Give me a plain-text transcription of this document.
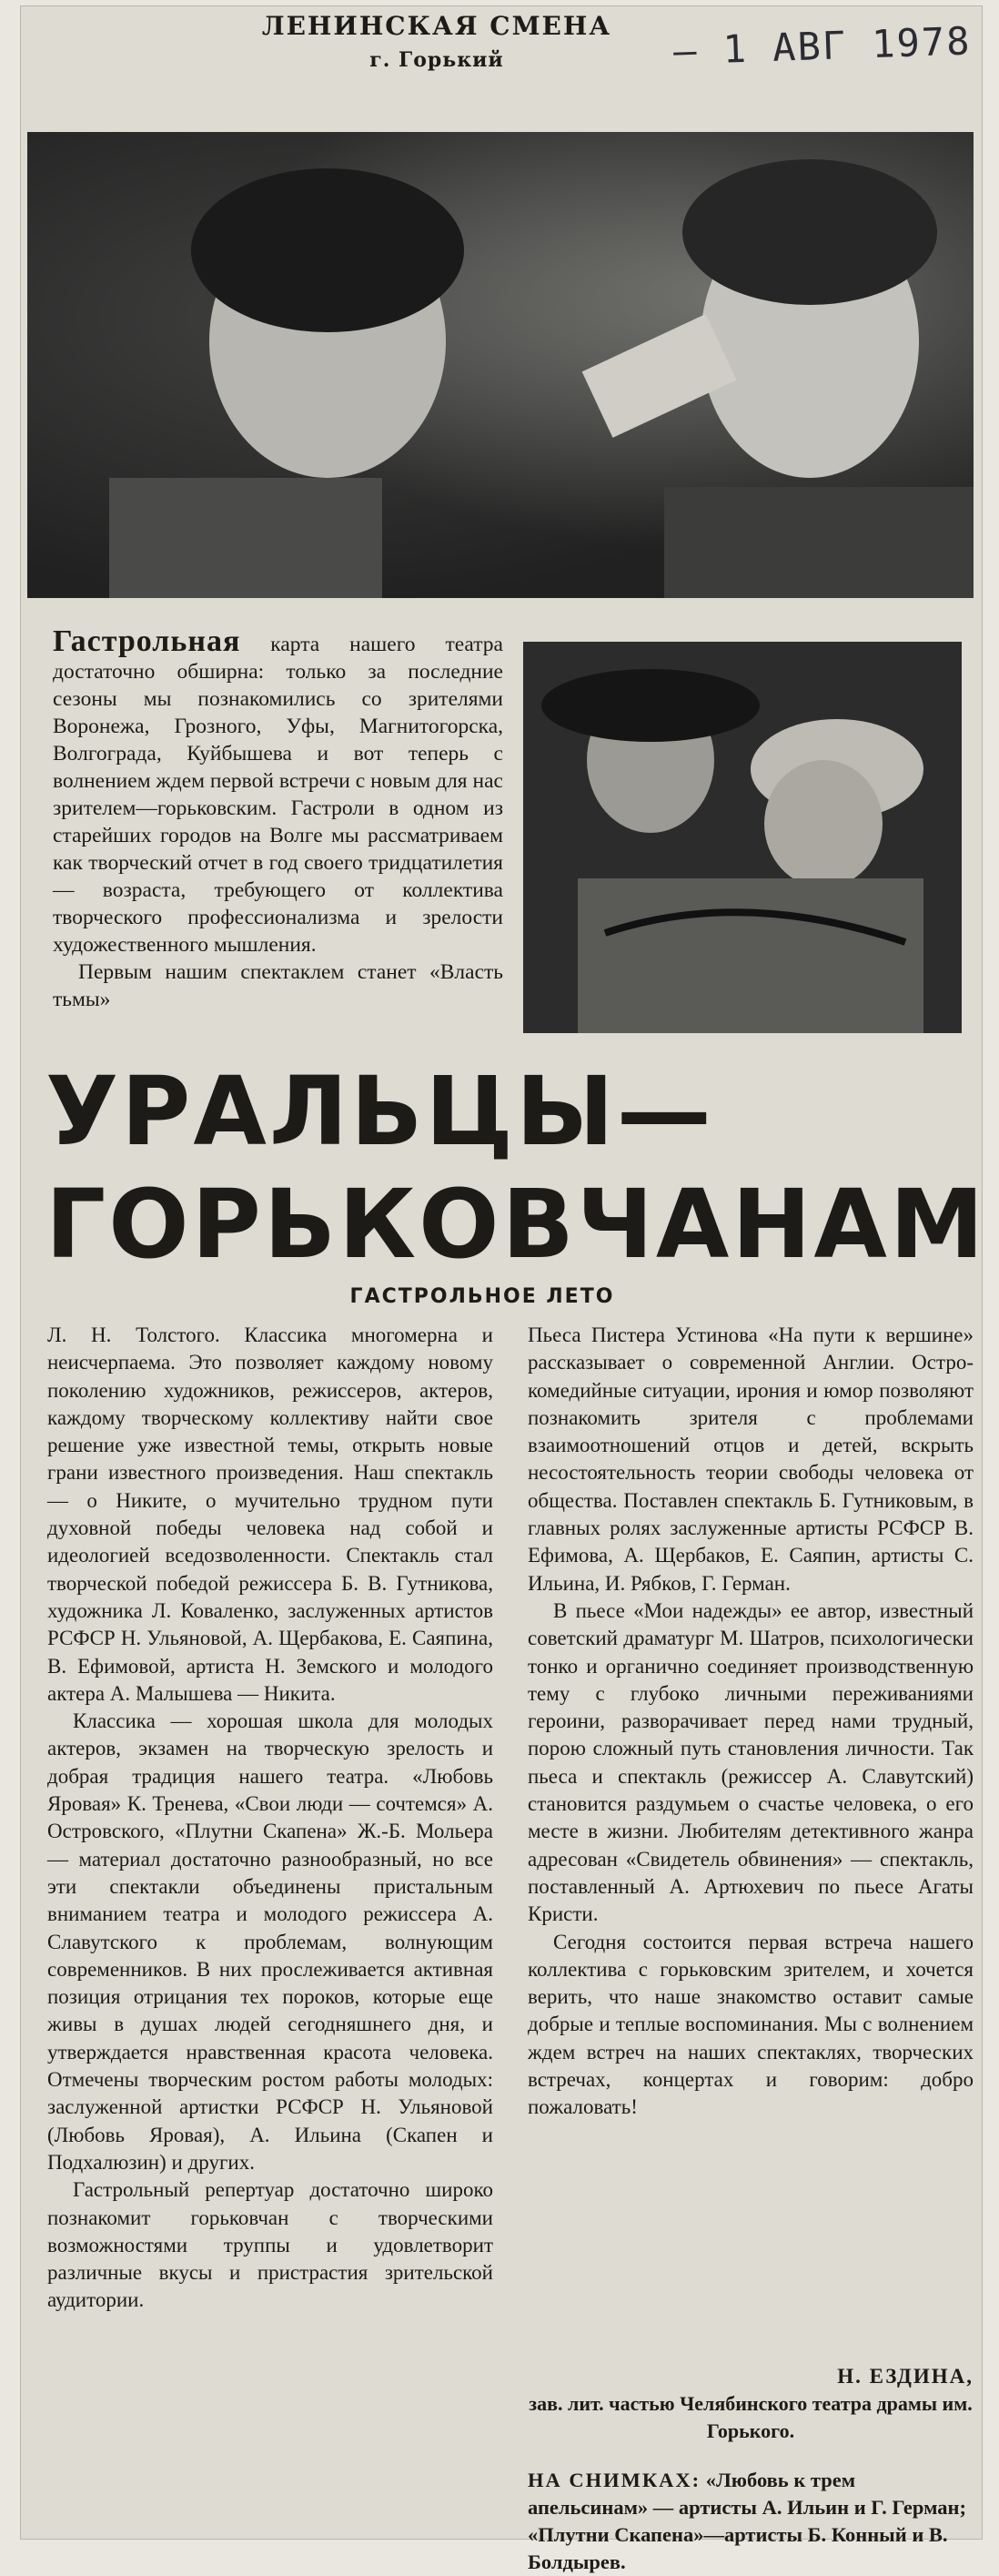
ЛЕНИНСКАЯ СМЕНА
г. Горький	— 1 АВГ 1978
Гастрольная карта нашего театра достаточно обширна: только за последние сезоны мы познакомились со зрителями Воронежа, Грозного, Уфы, Магнитогорска, Волгограда, Куйбышева и вот теперь с волнением ждем первой встречи с новым для нас зрителем—горьковским. Гастроли в одном из старейших городов на Волге мы рассматриваем как творческий отчет в год своего тридцатилетия — возраста, требующего от коллектива творческого профессионализма и зрелости художественного мышления.
Первым нашим спектаклем станет «Власть тьмы»
УРАЛЬЦЫ—
ГОРЬКОВЧАНАМ
ГАСТРОЛЬНОЕ ЛЕТО

Л. Н. Толстого. Классика многомерна и неисчерпаема. Это позволяет каждому новому поколению художников, режиссеров, актеров, каждому творческому коллективу найти свое решение уже известной темы, открыть новые грани известного произведения. Наш спектакль— о Никите, о мучительно трудном пути духовной победы человека над собой и идеологией вседозволенности. Спектакль стал творческой победой режиссера Б. В. Гутникова, художника Л. Коваленко, заслуженных артистов РСФСР Н. Ульяновой, А. Щербакова, Е. Саяпина, В. Ефимовой, артиста Н. Земского и молодого актера А. Малышева — Никита.

Классика — хорошая школа для молодых актеров, экзамен на творческую зрелость и добрая традиция нашего театра. «Любовь Яровая» К. Тренева, «Свои люди — сочтемся» А. Островского, «Плутни Скапена» Ж.-Б. Мольера — материал достаточно разнообразный, но все эти спектакли объединены пристальным вниманием театра и молодого режиссера А. Славутского к проблемам, волнующим современников. В них прослеживается активная позиция отрицания тех пороков, которые еще живы в душах людей сегодняшнего дня, и утверждается нравственная красота человека. Отмечены творческим ростом работы молодых: заслуженной артистки РСФСР Н. Ульяновой (Любовь Яровая), А. Ильина (Скапен и Подхалюзин) и других.

Гастрольный репертуар достаточно широко познакомит горьковчан с творческими возможностями труппы и удовлетворит различные вкусы и пристрастия зрительской аудитории.

Пьеса Пистера Устинова «На пути к вершине» рассказывает о современной Англии. Острокомедийные ситуации, ирония и юмор позволяют познакомить зрителя с проблемами взаимоотношений отцов и детей, вскрыть несостоятельность теории свободы человека от общества. Поставлен спектакль Б. Гутниковым, в главных ролях заслуженные артисты РСФСР В. Ефимова, А. Щербаков, Е. Саяпин, артисты С. Ильина, И. Рябков, Г. Герман.

В пьесе «Мои надежды» ее автор, известный советский драматург М. Шатров, психологически тонко и органично соединяет производственную тему с глубоко личными переживаниями героини, разворачивает перед нами трудный, порою сложный путь становления личности. Так пьеса и спектакль (режиссер А. Славутский) становится раздумьем о счастье человека, о его месте в жизни. Любителям детективного жанра адресован «Свидетель обвинения» — спектакль, поставленный А. Артюхевич по пьесе Агаты Кристи.

Сегодня состоится первая встреча нашего коллектива с горьковским зрителем, и хочется верить, что наше знакомство оставит самые добрые и теплые воспоминания. Мы с волнением ждем встреч на наших спектаклях, творческих встречах, концертах и говорим: добро пожаловать!

Н. ЕЗДИНА,
зав. лит. частью Челябинского театра драмы им. Горького.
НА СНИМКАХ: «Любовь к трем апельсинам» — артисты А. Ильин и Г. Герман; «Плутни Скапена»—артисты Б. Конный и В. Болдырев.
